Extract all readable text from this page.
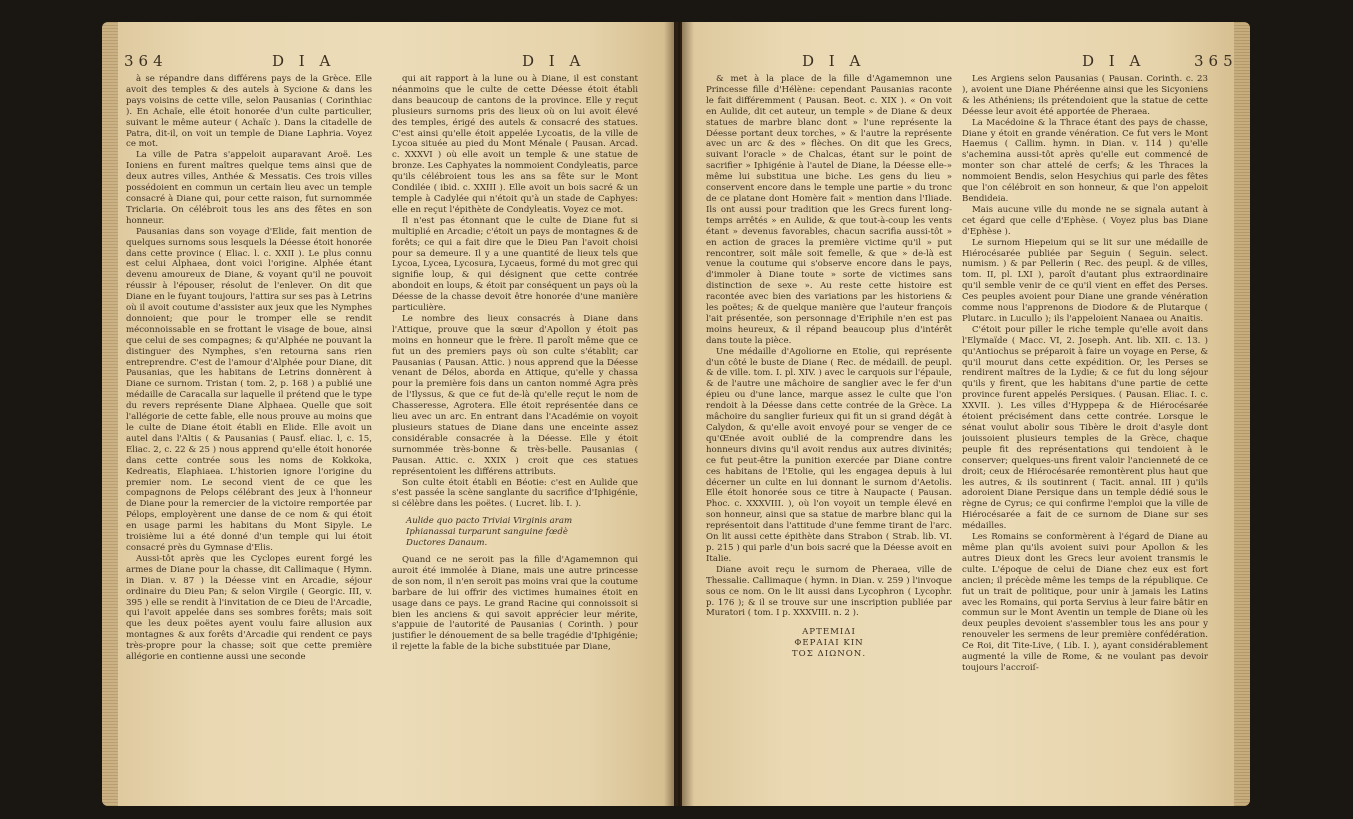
364	D I A	D I A

à se répandre dans différens pays de la Grèce. Elle avoit des temples & des autels à Sycione & dans les pays voisins de cette ville, selon Pausanias ( Corinthiac ). En Achaïe, elle étoit honorée d'un culte particulier, suivant le même auteur ( Achaïc ). Dans la citadelle de Patra, dit-il, on voit un temple de Diane Laphria. Voyez ce mot.

La ville de Patra s'appeloit auparavant Aroë. Les Ioniens en furent maîtres quelque tems ainsi que de deux autres villes, Anthée & Messatis. Ces trois villes possédoient en commun un certain lieu avec un temple consacré à Diane qui, pour cette raison, fut surnommée Triclaria. On célébroit tous les ans des fêtes en son honneur.

Pausanias dans son voyage d'Elide, fait mention de quelques surnoms sous lesquels la Déesse étoit honorée dans cette province ( Eliac. l. c. XXII ). Le plus connu est celui Alphaea, dont voici l'origine. Alphée étant devenu amoureux de Diane, & voyant qu'il ne pouvoit réussir à l'épouser, résolut de l'enlever. On dit que Diane en le fuyant toujours, l'attira sur ses pas à Letrins où il avoit coutume d'assister aux jeux que les Nymphes donnoient; que pour le tromper elle se rendit méconnoissable en se frottant le visage de boue, ainsi que celui de ses compagnes; & qu'Alphée ne pouvant la distinguer des Nymphes, s'en retourna sans rien entreprendre. C'est de l'amour d'Alphée pour Diane, dit Pausanias, que les habitans de Letrins donnèrent à Diane ce surnom. Tristan ( tom. 2, p. 168 ) a publié une médaille de Caracalla sur laquelle il prétend que le type du revers représente Diane Alphaea. Quelle que soit l'allégorie de cette fable, elle nous prouve au moins que le culte de Diane étoit établi en Elide. Elle avoit un autel dans l'Altis ( & Pausanias ( Pausf. eliac. l, c. 15, Eliac. 2, c. 22 & 25 ) nous apprend qu'elle étoit honorée dans cette contrée sous les noms de Kokkoka, Kedreatis, Elaphiaea. L'historien ignore l'origine du premier nom. Le second vient de ce que les compagnons de Pelops célébrant des jeux à l'honneur de Diane pour la remercier de la victoire remportée par Pélops, employèrent une danse de ce nom & qui étoit en usage parmi les habitans du Mont Sipyle. Le troisième lui a été donné d'un temple qui lui étoit consacré près du Gymnase d'Elis.

Aussi-tôt après que les Cyclopes eurent forgé les armes de Diane pour la chasse, dit Callimaque ( Hymn. in Dian. v. 87 ) la Déesse vint en Arcadie, séjour ordinaire du Dieu Pan; & selon Virgile ( Georgic. III, v. 395 ) elle se rendit à l'invitation de ce Dieu de l'Arcadie, qui l'avoit appelée dans ses sombres forêts; mais soit que les deux poëtes ayent voulu faire allusion aux montagnes & aux forêts d'Arcadie qui rendent ce pays très-propre pour la chasse; soit que cette première allégorie en contienne aussi une seconde

qui ait rapport à la lune ou à Diane, il est constant néanmoins que le culte de cette Déesse étoit établi dans beaucoup de cantons de la province. Elle y reçut plusieurs surnoms pris des lieux où on lui avoit élevé des temples, érigé des autels & consacré des statues. C'est ainsi qu'elle étoit appelée Lycoatis, de la ville de Lycoa située au pied du Mont Ménale ( Pausan. Arcad. c. XXXVI ) où elle avoit un temple & une statue de bronze. Les Caphyates la nommoient Condyleatis, parce qu'ils célébroient tous les ans sa fête sur le Mont Condilée ( ibid. c. XXIII ). Elle avoit un bois sacré & un temple à Cadylée qui n'étoit qu'à un stade de Caphyes: elle en reçut l'épithète de Condyleatis. Voyez ce mot.

Il n'est pas étonnant que le culte de Diane fut si multiplié en Arcadie; c'étoit un pays de montagnes & de forêts; ce qui a fait dire que le Dieu Pan l'avoit choisi pour sa demeure. Il y a une quantité de lieux tels que Lycoa, Lycea, Lycosura, Lycaeus, formé du mot grec qui signifie loup, & qui désignent que cette contrée abondoit en loups, & étoit par conséquent un pays où la Déesse de la chasse devoit être honorée d'une manière particulière.

Le nombre des lieux consacrés à Diane dans l'Attique, prouve que la sœur d'Apollon y étoit pas moins en honneur que le frère. Il paroît même que ce fut un des premiers pays où son culte s'établit; car Pausanias ( Pausan. Attic. ) nous apprend que la Déesse venant de Délos, aborda en Attique, qu'elle y chassa pour la première fois dans un canton nommé Agra près de l'Ilyssus, & que ce fut de-là qu'elle reçut le nom de Chasseresse, Agrotera. Elle étoit représentée dans ce lieu avec un arc. En entrant dans l'Académie on voyoit plusieurs statues de Diane dans une enceinte assez considérable consacrée à la Déesse. Elle y étoit surnommée très-bonne & très-belle. Pausanias ( Pausan. Attic. c. XXIX ) croit que ces statues représentoient les différens attributs.

Son culte étoit établi en Béotie: c'est en Aulide que s'est passée la scène sanglante du sacrifice d'Iphigénie, si célèbre dans les poëtes. ( Lucret. lib. I. ).

Aulide quo pacto Triviai Virginis aram
Iphianassai turparunt sanguine fœdè
Ductores Danaum.

Quand ce ne seroit pas la fille d'Agamemnon qui auroit été immolée à Diane, mais une autre princesse de son nom, il n'en seroit pas moins vrai que la coutume barbare de lui offrir des victimes humaines étoit en usage dans ce pays. Le grand Racine qui connoissoit si bien les anciens & qui savoit apprécier leur mérite, s'appuie de l'autorité de Pausanias ( Corinth. ) pour justifier le dénouement de sa belle tragédie d'Iphigénie; il rejette la fable de la biche substituée par Diane,

D I A	D I A	365

& met à la place de la fille d'Agamemnon une Princesse fille d'Hélène: cependant Pausanias raconte le fait différemment ( Pausan. Beot. c. XIX ). « On voit en Aulide, dit cet auteur, un temple » de Diane & deux statues de marbre blanc dont » l'une représente la Déesse portant deux torches, » & l'autre la représente avec un arc & des » flèches. On dit que les Grecs, suivant l'oracle » de Chalcas, étant sur le point de sacrifier » Iphigénie à l'autel de Diane, la Déesse elle-» même lui substitua une biche. Les gens du lieu » conservent encore dans le temple une partie » du tronc de ce platane dont Homère fait » mention dans l'Iliade. Ils ont aussi pour tradition que les Grecs furent long-temps arrêtés » en Aulide, & que tout-à-coup les vents étant » devenus favorables, chacun sacrifia aussi-tôt » en action de graces la première victime qu'il » put rencontrer, soit mâle soit femelle, & que » de-là est venue la coutume qui s'observe encore dans le pays, d'immoler à Diane toute » sorte de victimes sans distinction de sexe ». Au reste cette histoire est racontée avec bien des variations par les historiens & les poëtes; & de quelque manière que l'auteur françois l'ait présentée, son personnage d'Eriphile n'en est pas moins heureux, & il répand beaucoup plus d'intérêt dans toute la pièce.

Une médaille d'Agoliorne en Etolie, qui représente d'un côté le buste de Diane ( Rec. de médaill. de peupl. & de ville. tom. I. pl. XIV. ) avec le carquois sur l'épaule, & de l'autre une mâchoire de sanglier avec le fer d'un épieu ou d'une lance, marque assez le culte que l'on rendoit à la Déesse dans cette contrée de la Grèce. La mâchoire du sanglier furieux qui fit un si grand dégât à Calydon, & qu'elle avoit envoyé pour se venger de ce qu'Œnée avoit oublié de la comprendre dans les honneurs divins qu'il avoit rendus aux autres divinités; ce fut peut-être la punition exercée par Diane contre ces habitans de l'Etolie, qui les engagea depuis à lui décerner un culte en lui donnant le surnom d'Aetolis. Elle étoit honorée sous ce titre à Naupacte ( Pausan. Phoc. c. XXXVIII. ), où l'on voyoit un temple élevé en son honneur, ainsi que sa statue de marbre blanc qui la représentoit dans l'attitude d'une femme tirant de l'arc. On lit aussi cette épithète dans Strabon ( Strab. lib. VI. p. 215 ) qui parle d'un bois sacré que la Déesse avoit en Italie.

Diane avoit reçu le surnom de Pheraea, ville de Thessalie. Callimaque ( hymn. in Dian. v. 259 ) l'invoque sous ce nom. On le lit aussi dans Lycophron ( Lycophr. p. 176 ); & il se trouve sur une inscription publiée par Muratori ( tom. I p. XXXVIII. n. 2 ).

ΑΡΤΕΜΙΔΙ
ΦΕΡΑΙΑΙ ΚΙΝ
ΤΟΣ ΔΙΩΝΟΝ.

Les Argiens selon Pausanias ( Pausan. Corinth. c. 23 ), avoient une Diane Phéréenne ainsi que les Sicyoniens & les Athéniens; ils prétendoient que la statue de cette Déesse leur avoit été apportée de Pheraea.

La Macédoine & la Thrace étant des pays de chasse, Diane y étoit en grande vénération. Ce fut vers le Mont Haemus ( Callim. hymn. in Dian. v. 114 ) qu'elle s'achemina aussi-tôt après qu'elle eut commencé de monter son char attelé de cerfs; & les Thraces la nommoient Bendis, selon Hesychius qui parle des fêtes que l'on célébroit en son honneur, & que l'on appeloit Bendideia.

Mais aucune ville du monde ne se signala autant à cet égard que celle d'Ephèse. ( Voyez plus bas Diane d'Ephèse ).

Le surnom Hiepeium qui se lit sur une médaille de Hiérocésarée publiée par Seguin ( Seguin. select. numism. ) & par Pellerin ( Rec. des peupl. & de villes, tom. II, pl. LXI ), paroît d'autant plus extraordinaire qu'il semble venir de ce qu'il vient en effet des Perses. Ces peuples avoient pour Diane une grande vénération comme nous l'apprenons de Diodore & de Plutarque ( Plutarc. in Lucullo ); ils l'appeloient Nanaea ou Anaitis.

C'étoit pour piller le riche temple qu'elle avoit dans l'Elymaïde ( Macc. VI, 2. Joseph. Ant. lib. XII. c. 13. ) qu'Antiochus se préparoit à faire un voyage en Perse, & qu'il mourut dans cette expédition. Or, les Perses se rendirent maîtres de la Lydie; & ce fut du long séjour qu'ils y firent, que les habitans d'une partie de cette province furent appelés Persiques. ( Pausan. Eliac. I. c. XXVII. ). Les villes d'Hyppepa & de Hiérocésarée étoient précisément dans cette contrée. Lorsque le sénat voulut abolir sous Tibère le droit d'asyle dont jouissoient plusieurs temples de la Grèce, chaque peuple fit des représentations qui tendoient à le conserver; quelques-uns firent valoir l'ancienneté de ce droit; ceux de Hiérocésarée remontèrent plus haut que les autres, & ils soutinrent ( Tacit. annal. III ) qu'ils adoroient Diane Persique dans un temple dédié sous le règne de Cyrus; ce qui confirme l'emploi que la ville de Hiérocésarée a fait de ce surnom de Diane sur ses médailles.

Les Romains se conformèrent à l'égard de Diane au même plan qu'ils avoient suivi pour Apollon & les autres Dieux dont les Grecs leur avoient transmis le culte. L'époque de celui de Diane chez eux est fort ancien; il précède même les temps de la république. Ce fut un trait de politique, pour unir à jamais les Latins avec les Romains, qui porta Servius à leur faire bâtir en commun sur le Mont Aventin un temple de Diane où les deux peuples devoient s'assembler tous les ans pour y renouveler les sermens de leur première confédération. Ce Roi, dit Tite-Live, ( Lib. I. ), ayant considérablement augmenté la ville de Rome, & ne voulant pas devoir toujours l'accroiſ-
